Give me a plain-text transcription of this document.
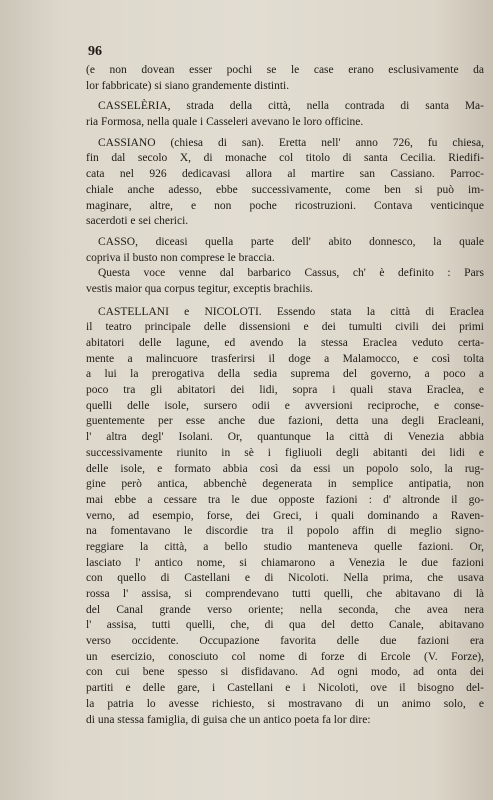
96
(e non dovean esser pochi se le case erano esclusivamente da
lor fabbricate) si siano grandemente distinti.
CASSELÈRIA, strada della città, nella contrada di santa Ma-
ria Formosa, nella quale i Casseleri avevano le loro officine.
CASSIANO (chiesa di san). Eretta nell' anno 726, fu chiesa,
fin dal secolo X, di monache col titolo di santa Cecilia. Riedifi-
cata nel 926 dedicavasi allora al martire san Cassiano. Parroc-
chiale anche adesso, ebbe successivamente, come ben si può im-
maginare, altre, e non poche ricostruzioni. Contava venticinque
sacerdoti e sei cherici.
CASSO, diceasi quella parte dell' abito donnesco, la quale
copriva il busto non comprese le braccia.
Questa voce venne dal barbarico Cassus, ch' è definito : Pars
vestis maior qua corpus tegitur, exceptis brachiis.
CASTELLANI e NICOLOTI. Essendo stata la città di Eraclea
il teatro principale delle dissensioni e dei tumulti civili dei primi
abitatori delle lagune, ed avendo la stessa Eraclea veduto certa-
mente a malincuore trasferirsi il doge a Malamocco, e così tolta
a lui la prerogativa della sedia suprema del governo, a poco a
poco tra gli abitatori dei lidi, sopra i quali stava Eraclea, e
quelli delle isole, sursero odii e avversioni reciproche, e conse-
guentemente per esse anche due fazioni, detta una degli Eracleani,
l' altra degl' Isolani. Or, quantunque la città di Venezia abbia
successivamente riunito in sè i figliuoli degli abitanti dei lidi e
delle isole, e formato abbia così da essi un popolo solo, la rug-
gine però antica, abbenchè degenerata in semplice antipatia, non
mai ebbe a cessare tra le due opposte fazioni : d' altronde il go-
verno, ad esempio, forse, dei Greci, i quali dominando a Raven-
na fomentavano le discordie tra il popolo affin di meglio signo-
reggiare la città, a bello studio manteneva quelle fazioni. Or,
lasciato l' antico nome, si chiamarono a Venezia le due fazioni
con quello di Castellani e di Nicoloti. Nella prima, che usava
rossa l' assisa, si comprendevano tutti quelli, che abitavano di là
del Canal grande verso oriente; nella seconda, che avea nera
l' assisa, tutti quelli, che, di qua del detto Canale, abitavano
verso occidente. Occupazione favorita delle due fazioni era
un esercizio, conosciuto col nome di forze di Ercole (V. Forze),
con cui bene spesso si disfidavano. Ad ogni modo, ad onta dei
partiti e delle gare, i Castellani e i Nicoloti, ove il bisogno del-
la patria lo avesse richiesto, si mostravano di un animo solo, e
di una stessa famiglia, di guisa che un antico poeta fa lor dire:
